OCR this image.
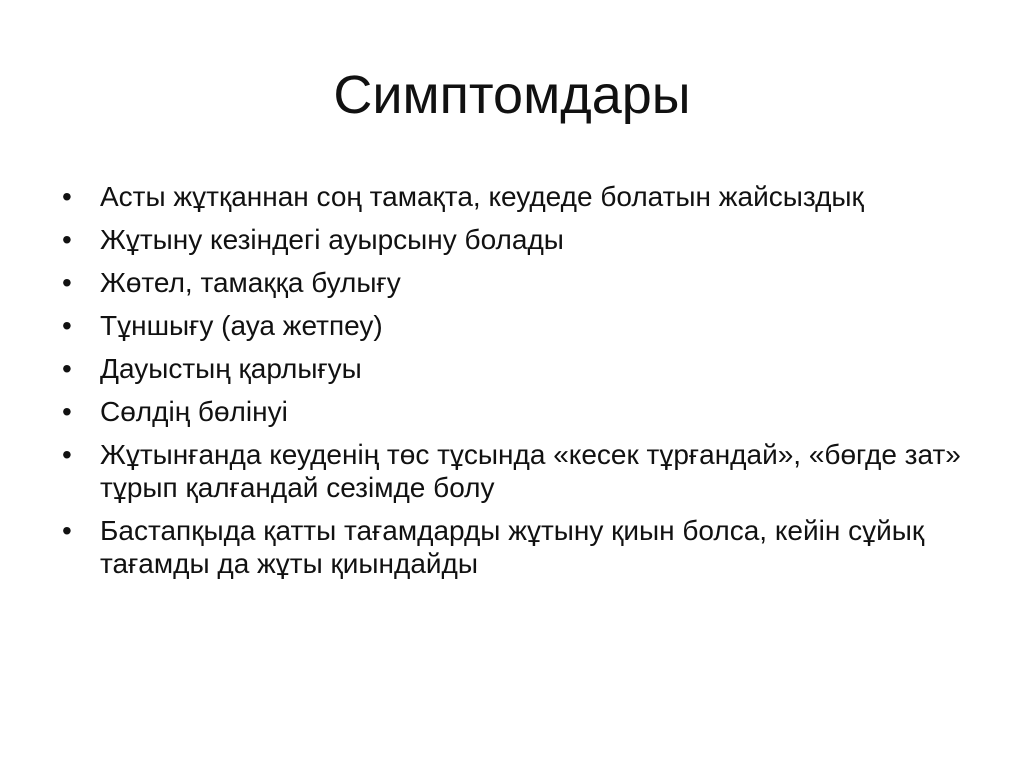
Симптомдары
• Асты жұтқаннан соң тамақта, кеудеде болатын жайсыздық
• Жұтыну кезіндегі ауырсыну болады
• Жөтел, тамаққа булығу
• Тұншығу (ауа жетпеу)
• Дауыстың қарлығуы
• Сөлдің бөлінуі
• Жұтынғанда кеуденің төс тұсында «кесек тұрғандай», «бөгде зат» тұрып қалғандай сезімде болу
• Бастапқыда қатты тағамдарды жұтыну қиын болса, кейін сұйық тағамды да жұты қиындайды
